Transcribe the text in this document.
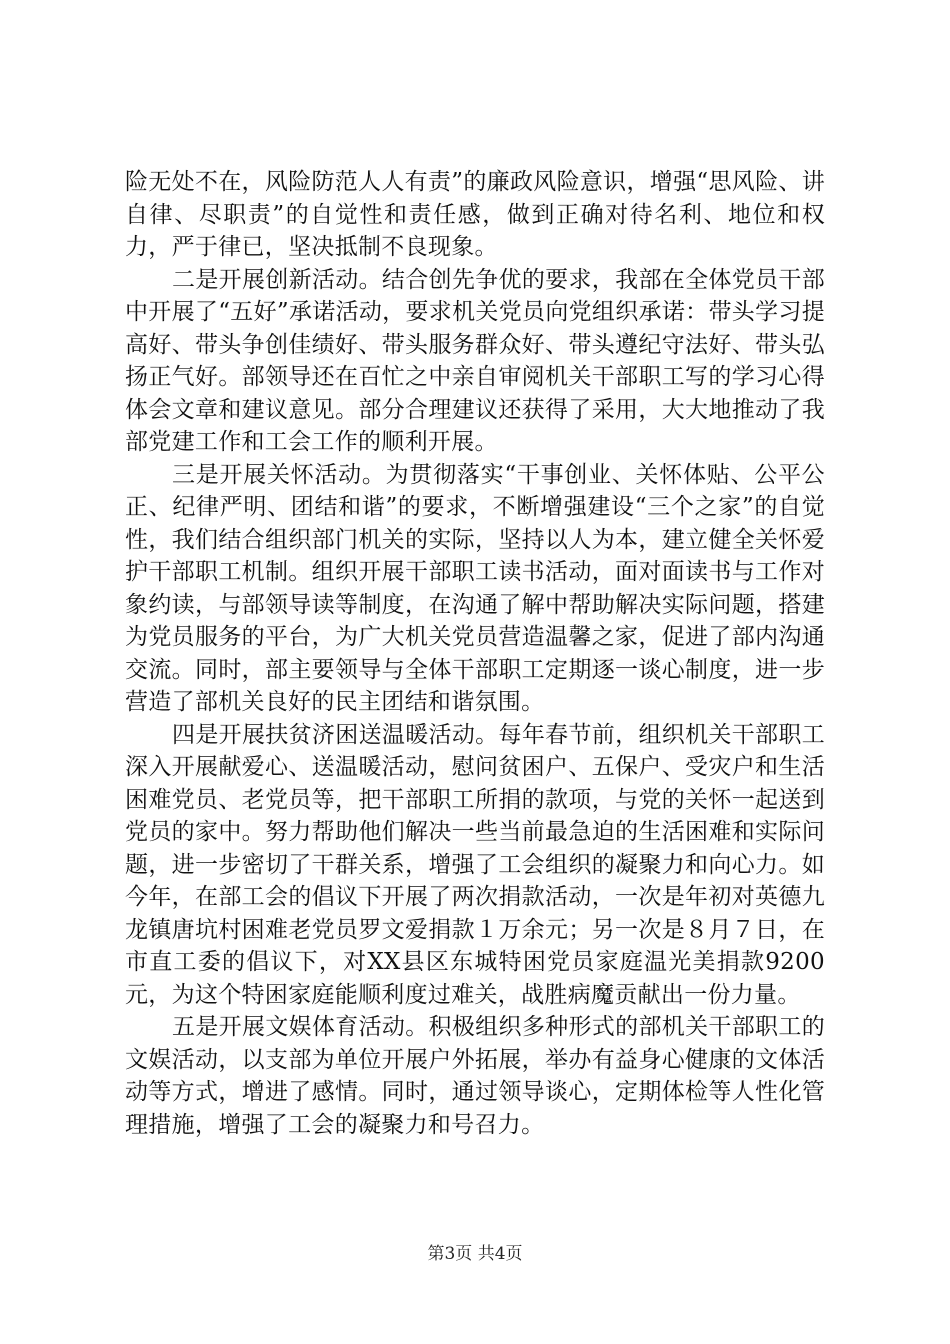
险无处不在，风险防范人人有责”的廉政风险意识，增强“思风险、讲自律、尽职责”的自觉性和责任感，做到正确对待名利、地位和权力，严于律已，坚决抵制不良现象。

二是开展创新活动。结合创先争优的要求，我部在全体党员干部中开展了“五好”承诺活动，要求机关党员向党组织承诺：带头学习提高好、带头争创佳绩好、带头服务群众好、带头遵纪守法好、带头弘扬正气好。部领导还在百忙之中亲自审阅机关干部职工写的学习心得体会文章和建议意见。部分合理建议还获得了采用，大大地推动了我部党建工作和工会工作的顺利开展。

三是开展关怀活动。为贯彻落实“干事创业、关怀体贴、公平公正、纪律严明、团结和谐”的要求，不断增强建设“三个之家”的自觉性，我们结合组织部门机关的实际，坚持以人为本，建立健全关怀爱护干部职工机制。组织开展干部职工读书活动，面对面读书与工作对象约读，与部领导读等制度，在沟通了解中帮助解决实际问题，搭建为党员服务的平台，为广大机关党员营造温馨之家，促进了部内沟通交流。同时，部主要领导与全体干部职工定期逐一谈心制度，进一步营造了部机关良好的民主团结和谐氛围。

四是开展扶贫济困送温暖活动。每年春节前，组织机关干部职工深入开展献爱心、送温暖活动，慰问贫困户、五保户、受灾户和生活困难党员、老党员等，把干部职工所捐的款项，与党的关怀一起送到党员的家中。努力帮助他们解决一些当前最急迫的生活困难和实际问题，进一步密切了干群关系，增强了工会组织的凝聚力和向心力。如今年，在部工会的倡议下开展了两次捐款活动，一次是年初对英德九龙镇唐坑村困难老党员罗文爱捐款１万余元；另一次是８月７日，在市直工委的倡议下，对XX县区东城特困党员家庭温光美捐款9200元，为这个特困家庭能顺利度过难关，战胜病魔贡献出一份力量。

五是开展文娱体育活动。积极组织多种形式的部机关干部职工的文娱活动，以支部为单位开展户外拓展，举办有益身心健康的文体活动等方式，增进了感情。同时，通过领导谈心，定期体检等人性化管理措施，增强了工会的凝聚力和号召力。

第3页 共4页
